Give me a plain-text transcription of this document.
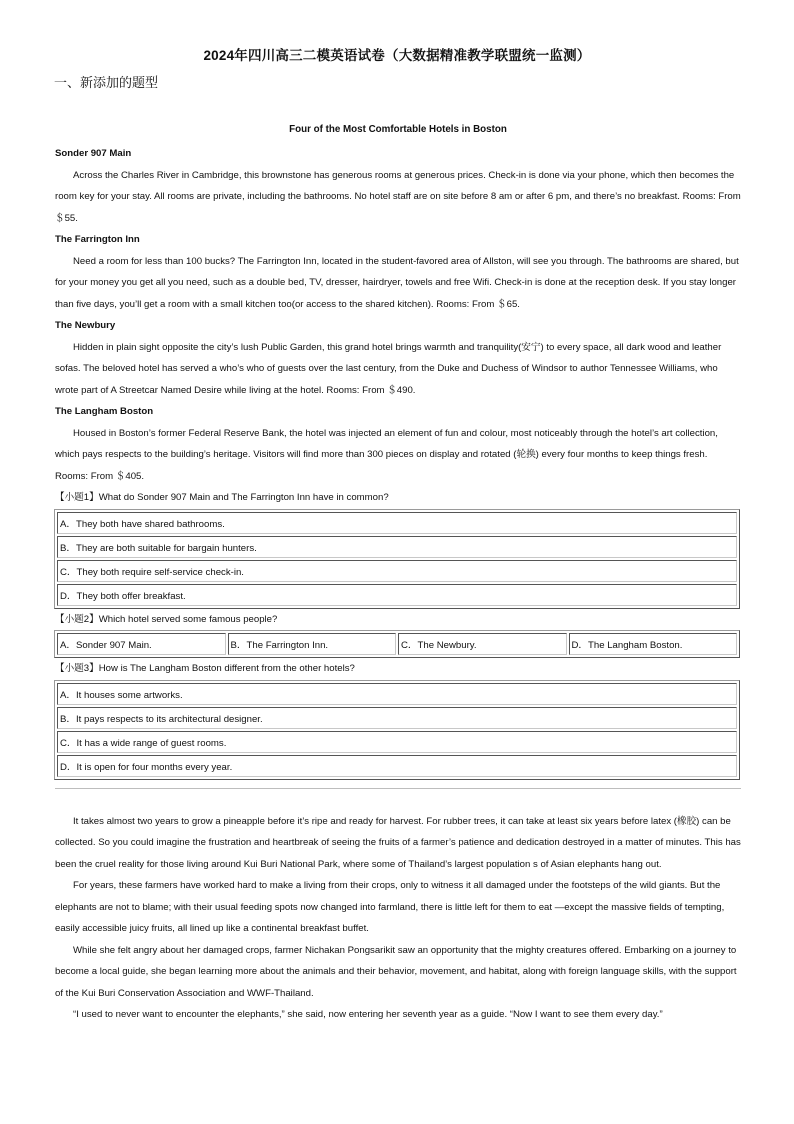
2024年四川高三二模英语试卷（大数据精准教学联盟统一监测）
一、新添加的题型
Four of the Most Comfortable Hotels in Boston
Sonder 907 Main

Across the Charles River in Cambridge, this brownstone has generous rooms at generous prices. Check-in is done via your phone, which then becomes the room key for your stay. All rooms are private, including the bathrooms. No hotel staff are on site before 8 am or after 6 pm, and there’s no breakfast. Rooms: From ＄55.

The Farrington Inn

Need a room for less than 100 bucks? The Farrington Inn, located in the student-favored area of Allston, will see you through. The bathrooms are shared, but for your money you get all you need, such as a double bed, TV, dresser, hairdryer, towels and free Wifi. Check-in is done at the reception desk. If you stay longer than five days, you’ll get a room with a small kitchen too(or access to the shared kitchen). Rooms: From ＄65.

The Newbury

Hidden in plain sight opposite the city’s lush Public Garden, this grand hotel brings warmth and tranquility(安宁) to every space, all dark wood and leather sofas. The beloved hotel has served a who’s who of guests over the last century, from the Duke and Duchess of Windsor to author Tennessee Williams, who wrote part of A Streetcar Named Desire while living at the hotel. Rooms: From ＄490.

The Langham Boston

Housed in Boston’s former Federal Reserve Bank, the hotel was injected an element of fun and colour, most noticeably through the hotel’s art collection, which pays respects to the building’s heritage. Visitors will find more than 300 pieces on display and rotated (轮换) every four months to keep things fresh. Rooms: From ＄405.

【小题1】What do Sonder 907 Main and The Farrington Inn have in common?
A．They both have shared bathrooms.
B．They are both suitable for bargain hunters.
C．They both require self-service check-in.
D．They both offer breakfast.
【小题2】Which hotel served some famous people?
A．Sonder 907 Main.	B．The Farrington Inn.	C．The Newbury.	D．The Langham Boston.
【小题3】How is The Langham Boston different from the other hotels?
A．It houses some artworks.
B．It pays respects to its architectural designer.
C．It has a wide range of guest rooms.
D．It is open for four months every year.

It takes almost two years to grow a pineapple before it’s ripe and ready for harvest. For rubber trees, it can take at least six years before latex (橡胶) can be collected. So you could imagine the frustration and heartbreak of seeing the fruits of a farmer’s patience and dedication destroyed in a matter of minutes. This has been the cruel reality for those living around Kui Buri National Park, where some of Thailand’s largest population s of Asian elephants hang out.

For years, these farmers have worked hard to make a living from their crops, only to witness it all damaged under the footsteps of the wild giants. But the elephants are not to blame; with their usual feeding spots now changed into farmland, there is little left for them to eat —except the massive fields of tempting, easily accessible juicy fruits, all lined up like a continental breakfast buffet.

While she felt angry about her damaged crops, farmer Nichakan Pongsarikit saw an opportunity that the mighty creatures offered. Embarking on a journey to become a local guide, she began learning more about the animals and their behavior, movement, and habitat, along with foreign language skills, with the support of the Kui Buri Conservation Association and WWF-Thailand.

“I used to never want to encounter the elephants,” she said, now entering her seventh year as a guide. “Now I want to see them every day.”
